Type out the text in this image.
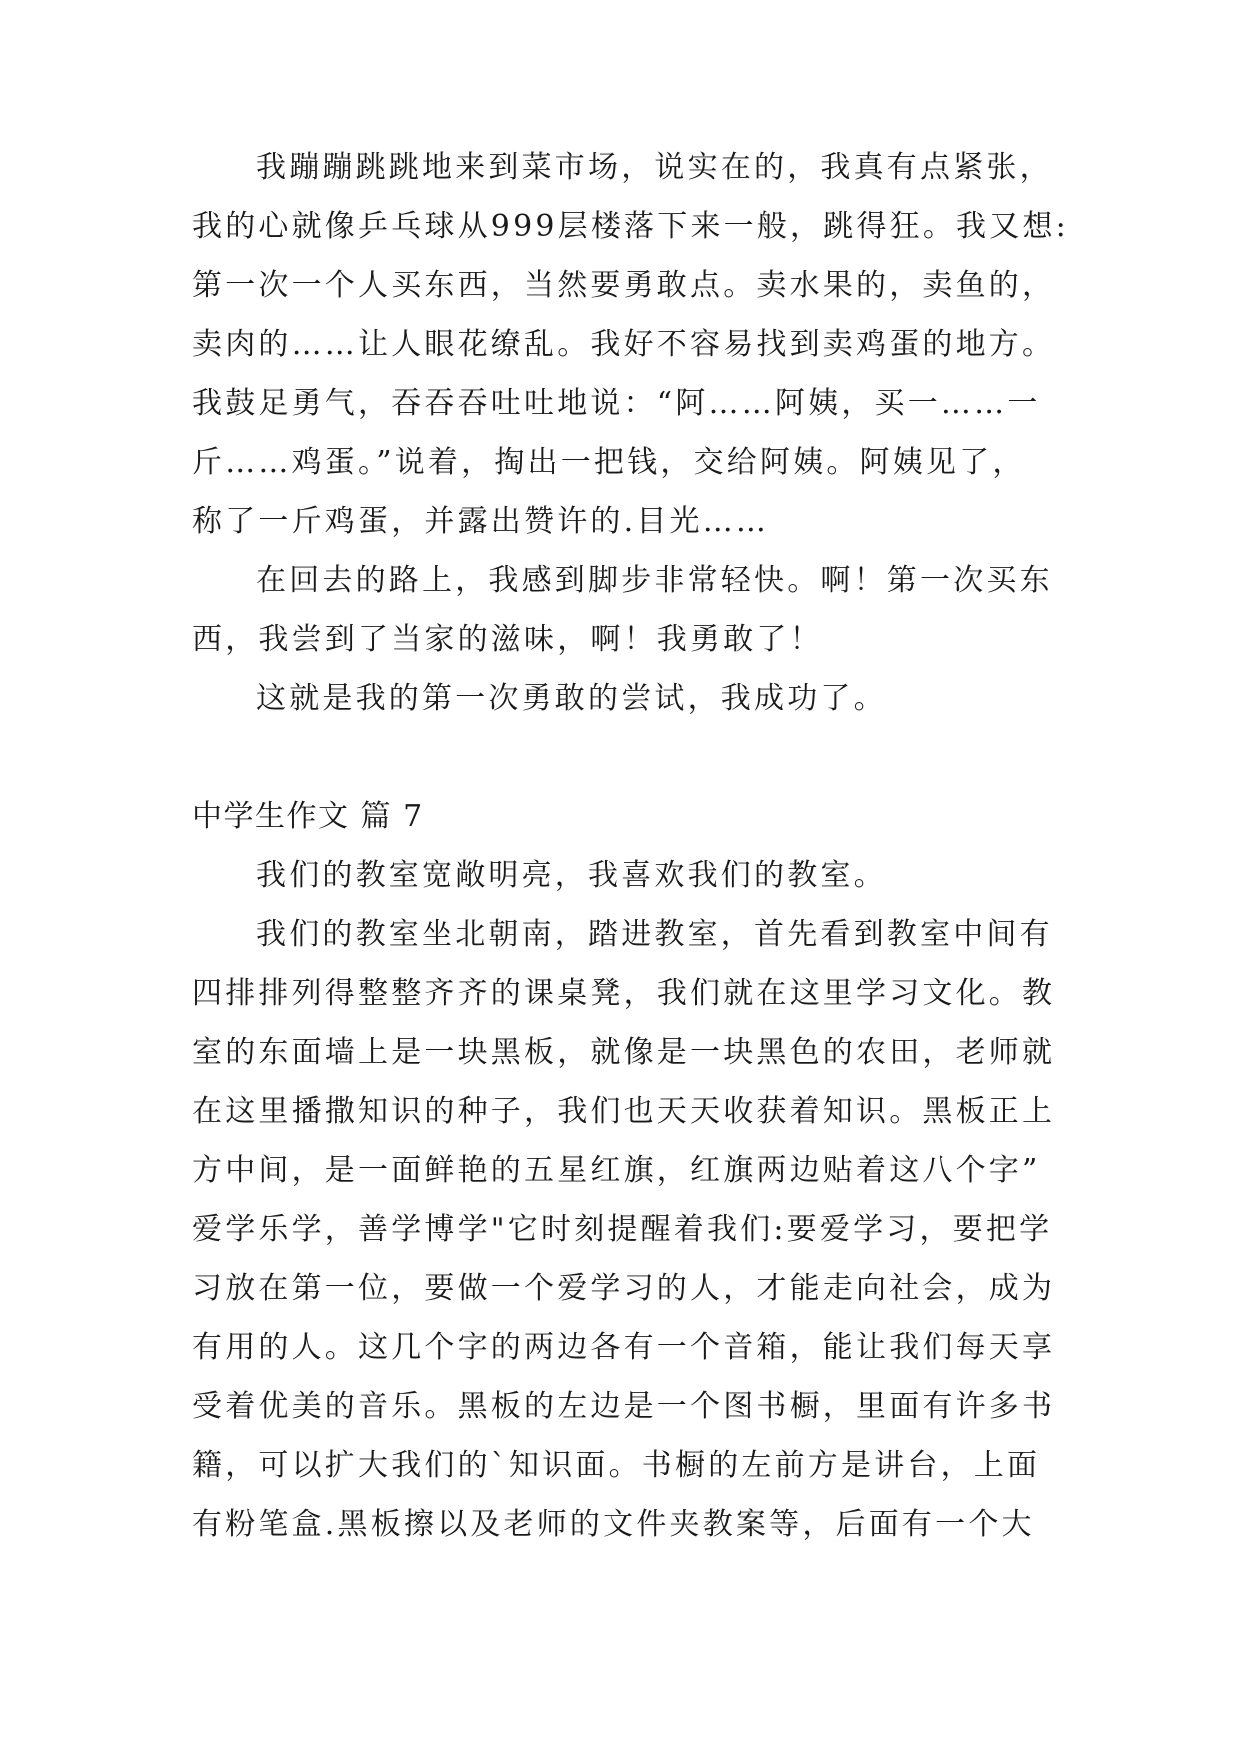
我蹦蹦跳跳地来到菜市场，说实在的，我真有点紧张，
我的心就像乒乓球从999层楼落下来一般，跳得狂。我又想:
第一次一个人买东西，当然要勇敢点。卖水果的，卖鱼的，
卖肉的……让人眼花缭乱。我好不容易找到卖鸡蛋的地方。
我鼓足勇气，吞吞吞吐吐地说：“阿……阿姨，买一……一
斤……鸡蛋。”说着，掏出一把钱，交给阿姨。阿姨见了，
称了一斤鸡蛋，并露出赞许的.目光……
在回去的路上，我感到脚步非常轻快。啊！第一次买东
西，我尝到了当家的滋味，啊！我勇敢了！
这就是我的第一次勇敢的尝试，我成功了。
中学生作文 篇 7
我们的教室宽敞明亮，我喜欢我们的教室。
我们的教室坐北朝南，踏进教室，首先看到教室中间有
四排排列得整整齐齐的课桌凳，我们就在这里学习文化。教
室的东面墙上是一块黑板，就像是一块黑色的农田，老师就
在这里播撒知识的种子，我们也天天收获着知识。黑板正上
方中间，是一面鲜艳的五星红旗，红旗两边贴着这八个字”
爱学乐学，善学博学"它时刻提醒着我们:要爱学习，要把学
习放在第一位，要做一个爱学习的人，才能走向社会，成为
有用的人。这几个字的两边各有一个音箱，能让我们每天享
受着优美的音乐。黑板的左边是一个图书橱，里面有许多书
籍，可以扩大我们的`知识面。书橱的左前方是讲台，上面
有粉笔盒.黑板擦以及老师的文件夹教案等，后面有一个大
